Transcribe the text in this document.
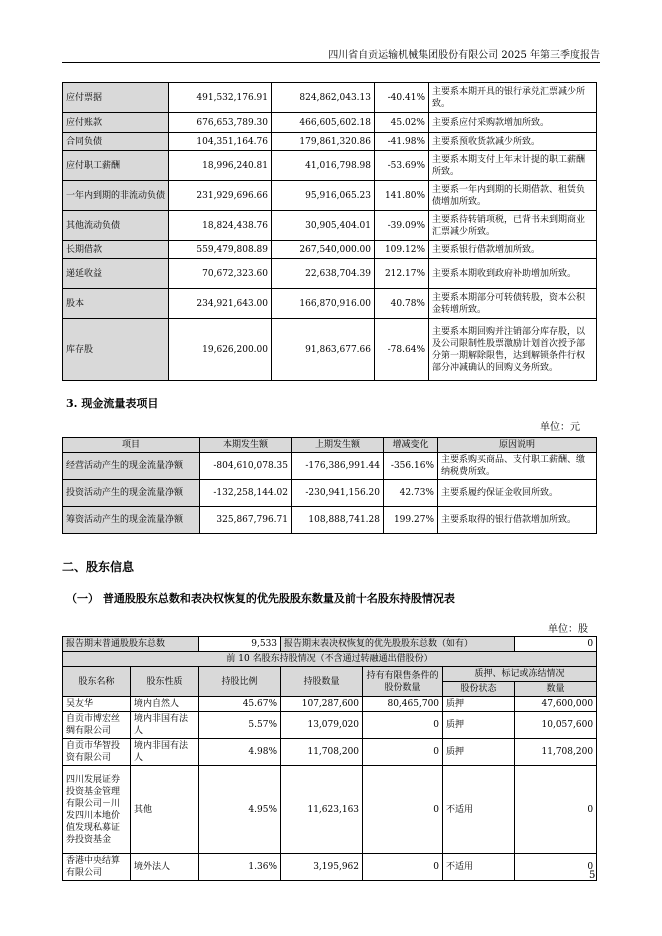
四川省自贡运输机械集团股份有限公司 2025 年第三季度报告
应付票据	491,532,176.91	824,862,043.13	-40.41%	主要系本期开具的银行承兑汇票减少所致。
应付账款	676,653,789.30	466,605,602.18	45.02%	主要系应付采购款增加所致。
合同负债	104,351,164.76	179,861,320.86	-41.98%	主要系预收货款减少所致。
应付职工薪酬	18,996,240.81	41,016,798.98	-53.69%	主要系本期支付上年末计提的职工薪酬所致。
一年内到期的非流动负债	231,929,696.66	95,916,065.23	141.80%	主要系一年内到期的长期借款、租赁负债增加所致。
其他流动负债	18,824,438.76	30,905,404.01	-39.09%	主要系待转销项税，已背书未到期商业汇票减少所致。
长期借款	559,479,808.89	267,540,000.00	109.12%	主要系银行借款增加所致。
递延收益	70,672,323.60	22,638,704.39	212.17%	主要系本期收到政府补助增加所致。
股本	234,921,643.00	166,870,916.00	40.78%	主要系本期部分可转债转股，资本公积金转增所致。
库存股	19,626,200.00	91,863,677.66	-78.64%	主要系本期回购并注销部分库存股，以及公司限制性股票激励计划首次授予部分第一期解除限售，达到解锁条件行权部分冲减确认的回购义务所致。
3. 现金流量表项目
单位：元
项目	本期发生额	上期发生额	增减变化	原因说明
经营活动产生的现金流量净额	-804,610,078.35	-176,386,991.44	-356.16%	主要系购买商品、支付职工薪酬、缴纳税费所致。
投资活动产生的现金流量净额	-132,258,144.02	-230,941,156.20	42.73%	主要系履约保证金收回所致。
筹资活动产生的现金流量净额	325,867,796.71	108,888,741.28	199.27%	主要系取得的银行借款增加所致。
二、股东信息
（一） 普通股股东总数和表决权恢复的优先股股东数量及前十名股东持股情况表
单位：股
报告期末普通股股东总数		9,533	报告期末表决权恢复的优先股股东总数（如有）			0
前 10 名股东持股情况（不含通过转融通出借股份）						
股东名称	股东性质	持股比例	持股数量	持有有限售条件的股份数量	质押、标记或冻结情况	
					股份状态	数量
吴友华	境内自然人	45.67%	107,287,600	80,465,700	质押	47,600,000
自贡市博宏丝绸有限公司	境内非国有法人	5.57%	13,079,020	0	质押	10,057,600
自贡市华智投资有限公司	境内非国有法人	4.98%	11,708,200	0	质押	11,708,200
四川发展证券投资基金管理有限公司－川发四川本地价值发现私募证券投资基金	其他	4.95%	11,623,163	0	不适用	0
香港中央结算有限公司	境外法人	1.36%	3,195,962	0	不适用	0
5
